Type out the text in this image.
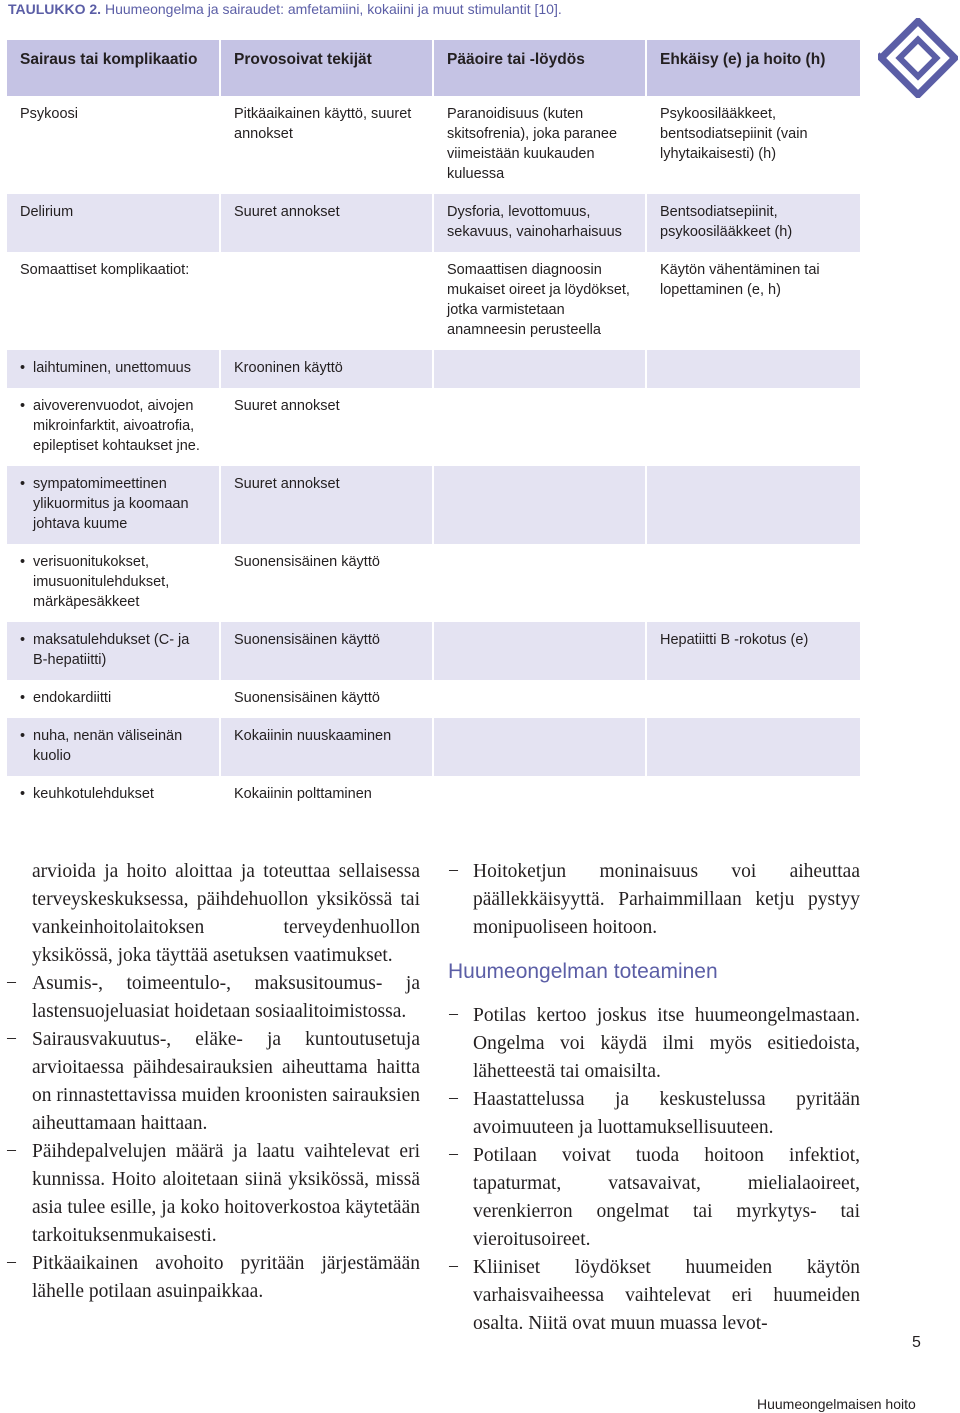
TAULUKKO 2. Huumeongelma ja sairaudet: amfetamiini, kokaiini ja muut stimulantit [10].
Sairaus tai komplikaatio	Provosoivat tekijät	Pääoire tai -löydös	Ehkäisy (e) ja hoito (h)
Psykoosi	Pitkäaikainen käyttö, suuret annokset	Paranoidisuus (kuten skitsofrenia), joka paranee viimeistään kuukauden kuluessa	Psykoosilääkkeet, bentsodiatsepiinit (vain lyhytaikaisesti) (h)
Delirium	Suuret annokset	Dysforia, levottomuus, sekavuus, vainoharhaisuus	Bentsodiatsepiinit, psykoosilääkkeet (h)
Somaattiset komplikaatiot:		Somaattisen diagnoosin mukaiset oireet ja löydökset, jotka varmistetaan anamneesin perusteella	Käytön vähentäminen tai lopettaminen (e, h)

• laihtuminen, unettomuus	Krooninen käyttö		

• aivoverenvuodot, aivojen mikroinfarktit, aivoatrofia, epileptiset kohtaukset jne.	Suuret annokset		

• sympatomimeettinen ylikuormitus ja koomaan johtava kuume	Suuret annokset		

• verisuonitukokset, imusuonitulehdukset, märkäpesäkkeet	Suonensisäinen käyttö		

• maksatulehdukset (C- ja B-hepatiitti)	Suonensisäinen käyttö		Hepatiitti B -rokotus (e)

• endokardiitti	Suonensisäinen käyttö		

• nuha, nenän väliseinän kuolio	Kokaiinin nuuskaaminen		

• keuhkotulehdukset	Kokaiinin polttaminen		
arvioida ja hoito aloittaa ja toteuttaa sellaisessa terveyskeskuksessa, päihdehuollon yksikössä tai vankeinhoitolaitoksen terveydenhuollon yksikössä, joka täyttää asetuksen vaatimukset.
− Asumis-, toimeentulo-, maksusitoumus- ja lastensuojeluasiat hoidetaan sosiaalitoimistossa.
− Sairausvakuutus-, eläke- ja kuntoutusetuja arvioitaessa päihdesairauksien aiheuttama haitta on rinnastettavissa muiden kroonisten sairauksien aiheuttamaan haittaan.
− Päihdepalvelujen määrä ja laatu vaihtelevat eri kunnissa. Hoito aloitetaan siinä yksikössä, missä asia tulee esille, ja koko hoitoverkostoa käytetään tarkoituksenmukaisesti.
− Pitkäaikainen avohoito pyritään järjestämään lähelle potilaan asuinpaikkaa.
− Hoitoketjun moninaisuus voi aiheuttaa päällekkäisyyttä. Parhaimmillaan ketju pystyy monipuoliseen hoitoon.
Huumeongelman toteaminen
− Potilas kertoo joskus itse huumeongelmastaan. Ongelma voi käydä ilmi myös esitiedoista, lähetteestä tai omaisilta.
− Haastattelussa ja keskustelussa pyritään avoimuuteen ja luottamuksellisuuteen.
− Potilaan voivat tuoda hoitoon infektiot, tapaturmat, vatsavaivat, mielialaoireet, verenkierron ongelmat tai myrkytys- tai vieroitusoireet.
− Kliiniset löydökset huumeiden käytön varhaisvaiheessa vaihtelevat eri huumeiden osalta. Niitä ovat muun muassa levot-
5
Huumeongelmaisen hoito
